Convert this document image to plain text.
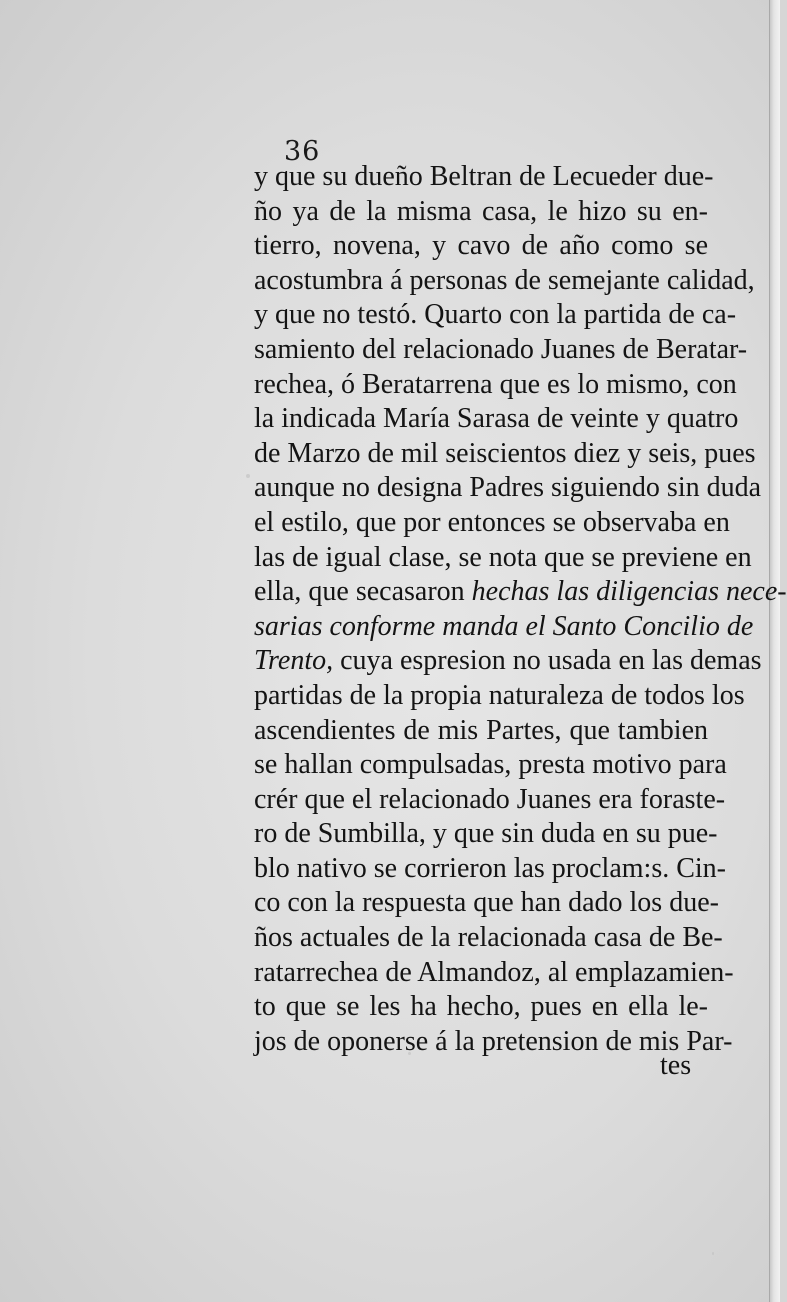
36
y que su dueño Beltran de Lecueder due-
ño ya de la misma casa, le hizo su en-
tierro, novena, y cavo de año como se
acostumbra á personas de semejante calidad,
y que no testó. Quarto con la partida de ca-
samiento del relacionado Juanes de Beratar-
rechea, ó Beratarrena que es lo mismo, con
la indicada María Sarasa de veinte y quatro
de Marzo de mil seiscientos diez y seis, pues
aunque no designa Padres siguiendo sin duda
el estilo, que por entonces se observaba en
las de igual clase, se nota que se previene en
ella, que secasaron hechas las diligencias nece-
sarias conforme manda el Santo Concilio de
Trento, cuya espresion no usada en las demas
partidas de la propia naturaleza de todos los
ascendientes de mis Partes, que tambien
se hallan compulsadas, presta motivo para
crér que el relacionado Juanes era foraste-
ro de Sumbilla, y que sin duda en su pue-
blo nativo se corrieron las proclam:s. Cin-
co con la respuesta que han dado los due-
ños actuales de la relacionada casa de Be-
ratarrechea de Almandoz, al emplazamien-
to que se les ha hecho, pues en ella le-
jos de oponerse á la pretension de mis Par-
tes
